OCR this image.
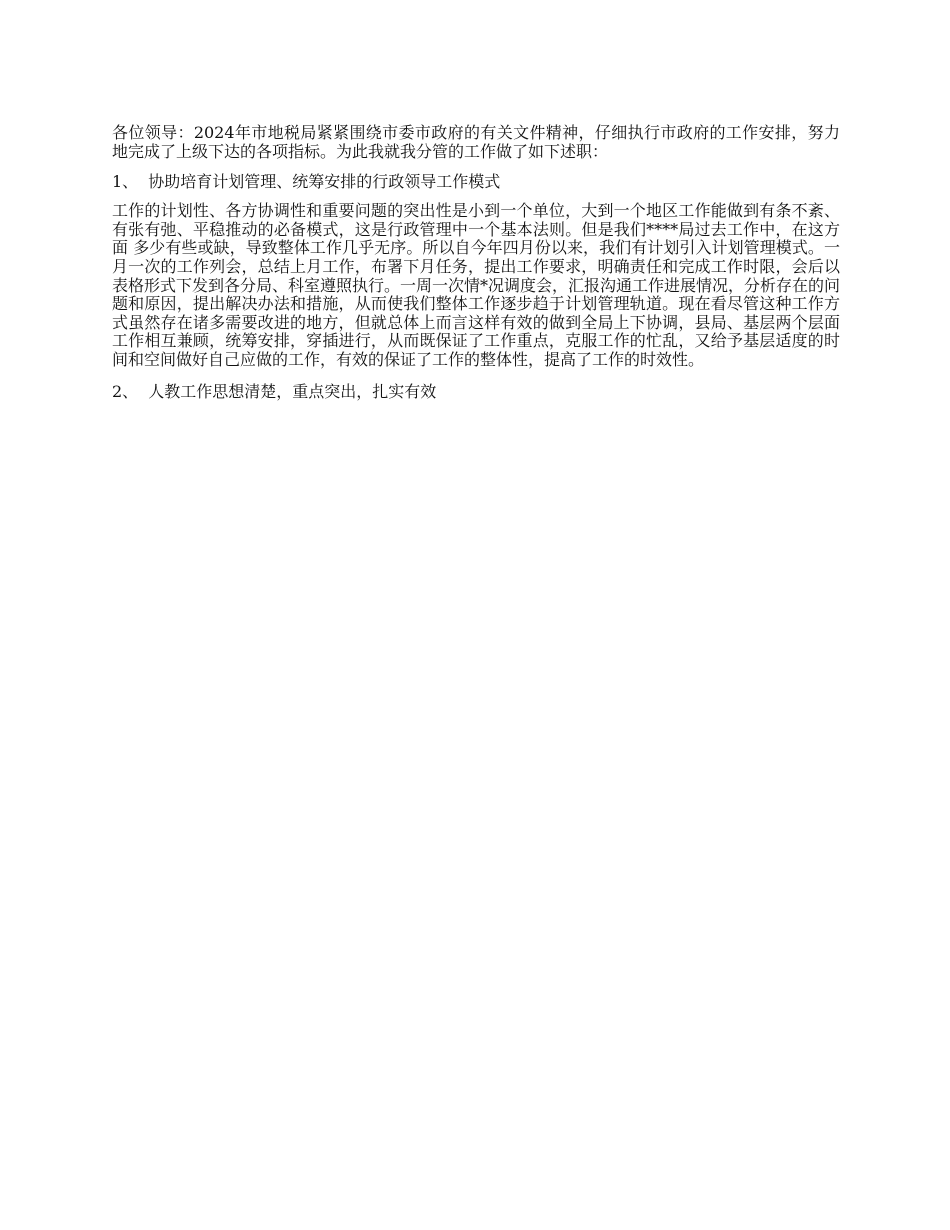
各位领导：2024年市地税局紧紧围绕市委市政府的有关文件精神，仔细执行市政府的工作安排，努力地完成了上级下达的各项指标。为此我就我分管的工作做了如下述职：

1、 协助培育计划管理、统筹安排的行政领导工作模式

工作的计划性、各方协调性和重要问题的突出性是小到一个单位，大到一个地区工作能做到有条不紊、有张有弛、平稳推动的必备模式，这是行政管理中一个基本法则。但是我们****局过去工作中，在这方面 多少有些或缺，导致整体工作几乎无序。所以自今年四月份以来，我们有计划引入计划管理模式。一月一次的工作列会，总结上月工作，布署下月任务，提出工作要求，明确责任和完成工作时限，会后以表格形式下发到各分局、科室遵照执行。一周一次情*况调度会，汇报沟通工作进展情况，分析存在的问题和原因，提出解决办法和措施，从而使我们整体工作逐步趋于计划管理轨道。现在看尽管这种工作方式虽然存在诸多需要改进的地方，但就总体上而言这样有效的做到全局上下协调，县局、基层两个层面工作相互兼顾，统筹安排，穿插进行，从而既保证了工作重点，克服工作的忙乱，又给予基层适度的时间和空间做好自己应做的工作，有效的保证了工作的整体性，提高了工作的时效性。

2、 人教工作思想清楚，重点突出，扎实有效
